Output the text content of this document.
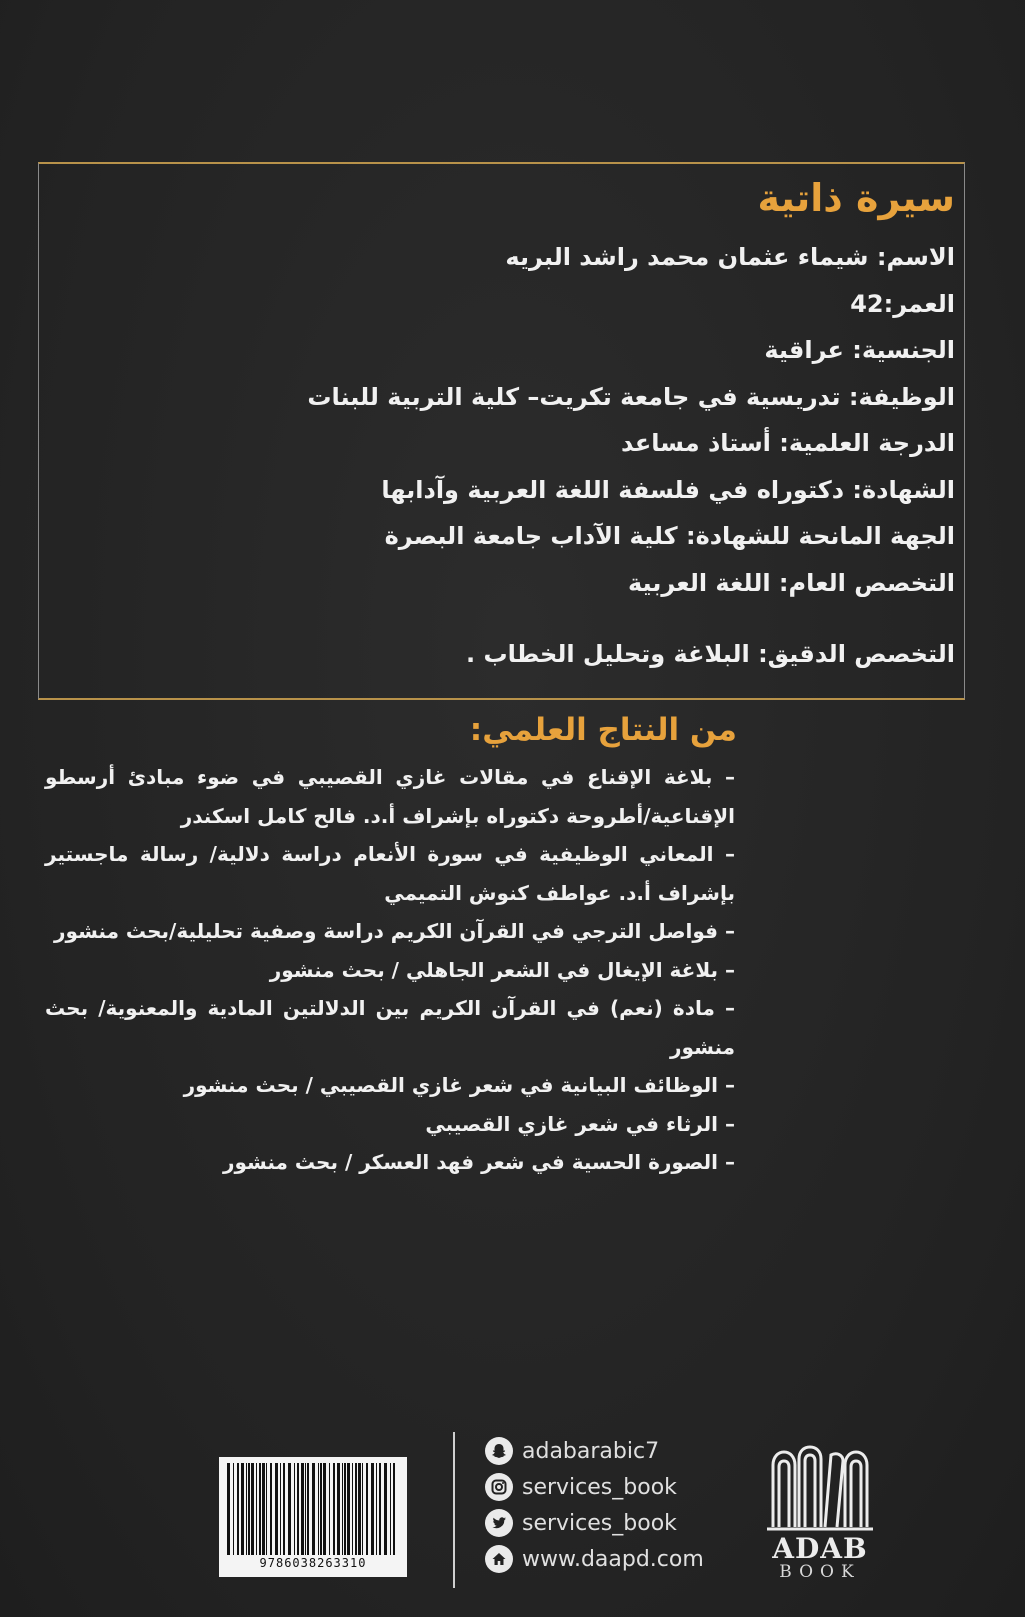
سيرة ذاتية
الاسم: شيماء عثمان محمد راشد البريه
العمر:42
الجنسية: عراقية
الوظيفة: تدريسية في جامعة تكريت– كلية التربية للبنات
الدرجة العلمية: أستاذ مساعد
الشهادة: دكتوراه في فلسفة اللغة العربية وآدابها
الجهة المانحة للشهادة: كلية الآداب جامعة البصرة
التخصص العام: اللغة العربية
التخصص الدقيق: البلاغة وتحليل الخطاب .
من النتاج العلمي:
– بلاغة الإقناع في مقالات غازي القصيبي في ضوء مبادئ أرسطو الإقناعية/أطروحة دكتوراه بإشراف أ.د. فالح كامل اسكندر
– المعاني الوظيفية في سورة الأنعام دراسة دلالية/ رسالة ماجستير بإشراف أ.د. عواطف كنوش التميمي
– فواصل الترجي في القرآن الكريم دراسة وصفية تحليلية/بحث منشور
– بلاغة الإيغال في الشعر الجاهلي / بحث منشور
– مادة (نعم) في القرآن الكريم بين الدلالتين المادية والمعنوية/ بحث منشور
– الوظائف البيانية في شعر غازي القصيبي / بحث منشور
– الرثاء في شعر غازي القصيبي
– الصورة الحسية في شعر فهد العسكر / بحث منشور
9786038263310
adabarabic7
services_book
services_book
www.daapd.com	ADAB
BOOK
